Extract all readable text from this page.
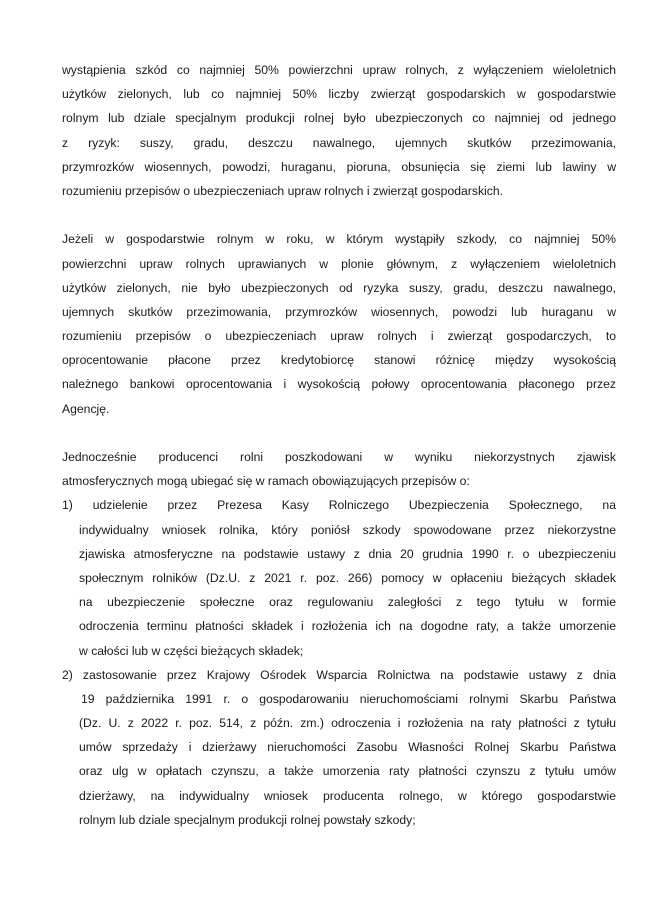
wystąpienia szkód co najmniej 50% powierzchni upraw rolnych, z wyłączeniem wieloletnich
użytków zielonych, lub co najmniej 50% liczby zwierząt gospodarskich w gospodarstwie
rolnym lub dziale specjalnym produkcji rolnej było ubezpieczonych co najmniej od jednego
z ryzyk: suszy, gradu, deszczu nawalnego, ujemnych skutków przezimowania,
przymrozków wiosennych, powodzi, huraganu, pioruna, obsunięcia się ziemi lub lawiny w
rozumieniu przepisów o ubezpieczeniach upraw rolnych i zwierząt gospodarskich.
Jeżeli w gospodarstwie rolnym w roku, w którym wystąpiły szkody, co najmniej 50%
powierzchni upraw rolnych uprawianych w plonie głównym, z wyłączeniem wieloletnich
użytków zielonych, nie było ubezpieczonych od ryzyka suszy, gradu, deszczu nawalnego,
ujemnych skutków przezimowania, przymrozków wiosennych, powodzi lub huraganu w
rozumieniu przepisów o ubezpieczeniach upraw rolnych i zwierząt gospodarczych, to
oprocentowanie płacone przez kredytobiorcę stanowi różnicę między wysokością
należnego bankowi oprocentowania i wysokością połowy oprocentowania płaconego przez
Agencję.
Jednocześnie producenci rolni poszkodowani w wyniku niekorzystnych zjawisk
atmosferycznych mogą ubiegać się w ramach obowiązujących przepisów o:
1) udzielenie przez Prezesa Kasy Rolniczego Ubezpieczenia Społecznego, na
indywidualny wniosek rolnika, który poniósł szkody spowodowane przez niekorzystne
zjawiska atmosferyczne na podstawie ustawy z dnia 20 grudnia 1990 r. o ubezpieczeniu
społecznym rolników (Dz.U. z 2021 r. poz. 266) pomocy w opłaceniu bieżących składek
na ubezpieczenie społeczne oraz regulowaniu zaległości z tego tytułu w formie
odroczenia terminu płatności składek i rozłożenia ich na dogodne raty, a także umorzenie
w całości lub w części bieżących składek;
2) zastosowanie przez Krajowy Ośrodek Wsparcia Rolnictwa na podstawie ustawy z dnia
19 października 1991 r. o gospodarowaniu nieruchomościami rolnymi Skarbu Państwa
(Dz. U. z 2022 r. poz. 514, z późn. zm.) odroczenia i rozłożenia na raty płatności z tytułu
umów sprzedaży i dzierżawy nieruchomości Zasobu Własności Rolnej Skarbu Państwa
oraz ulg w opłatach czynszu, a także umorzenia raty płatności czynszu z tytułu umów
dzierżawy, na indywidualny wniosek producenta rolnego, w którego gospodarstwie
rolnym lub dziale specjalnym produkcji rolnej powstały szkody;
